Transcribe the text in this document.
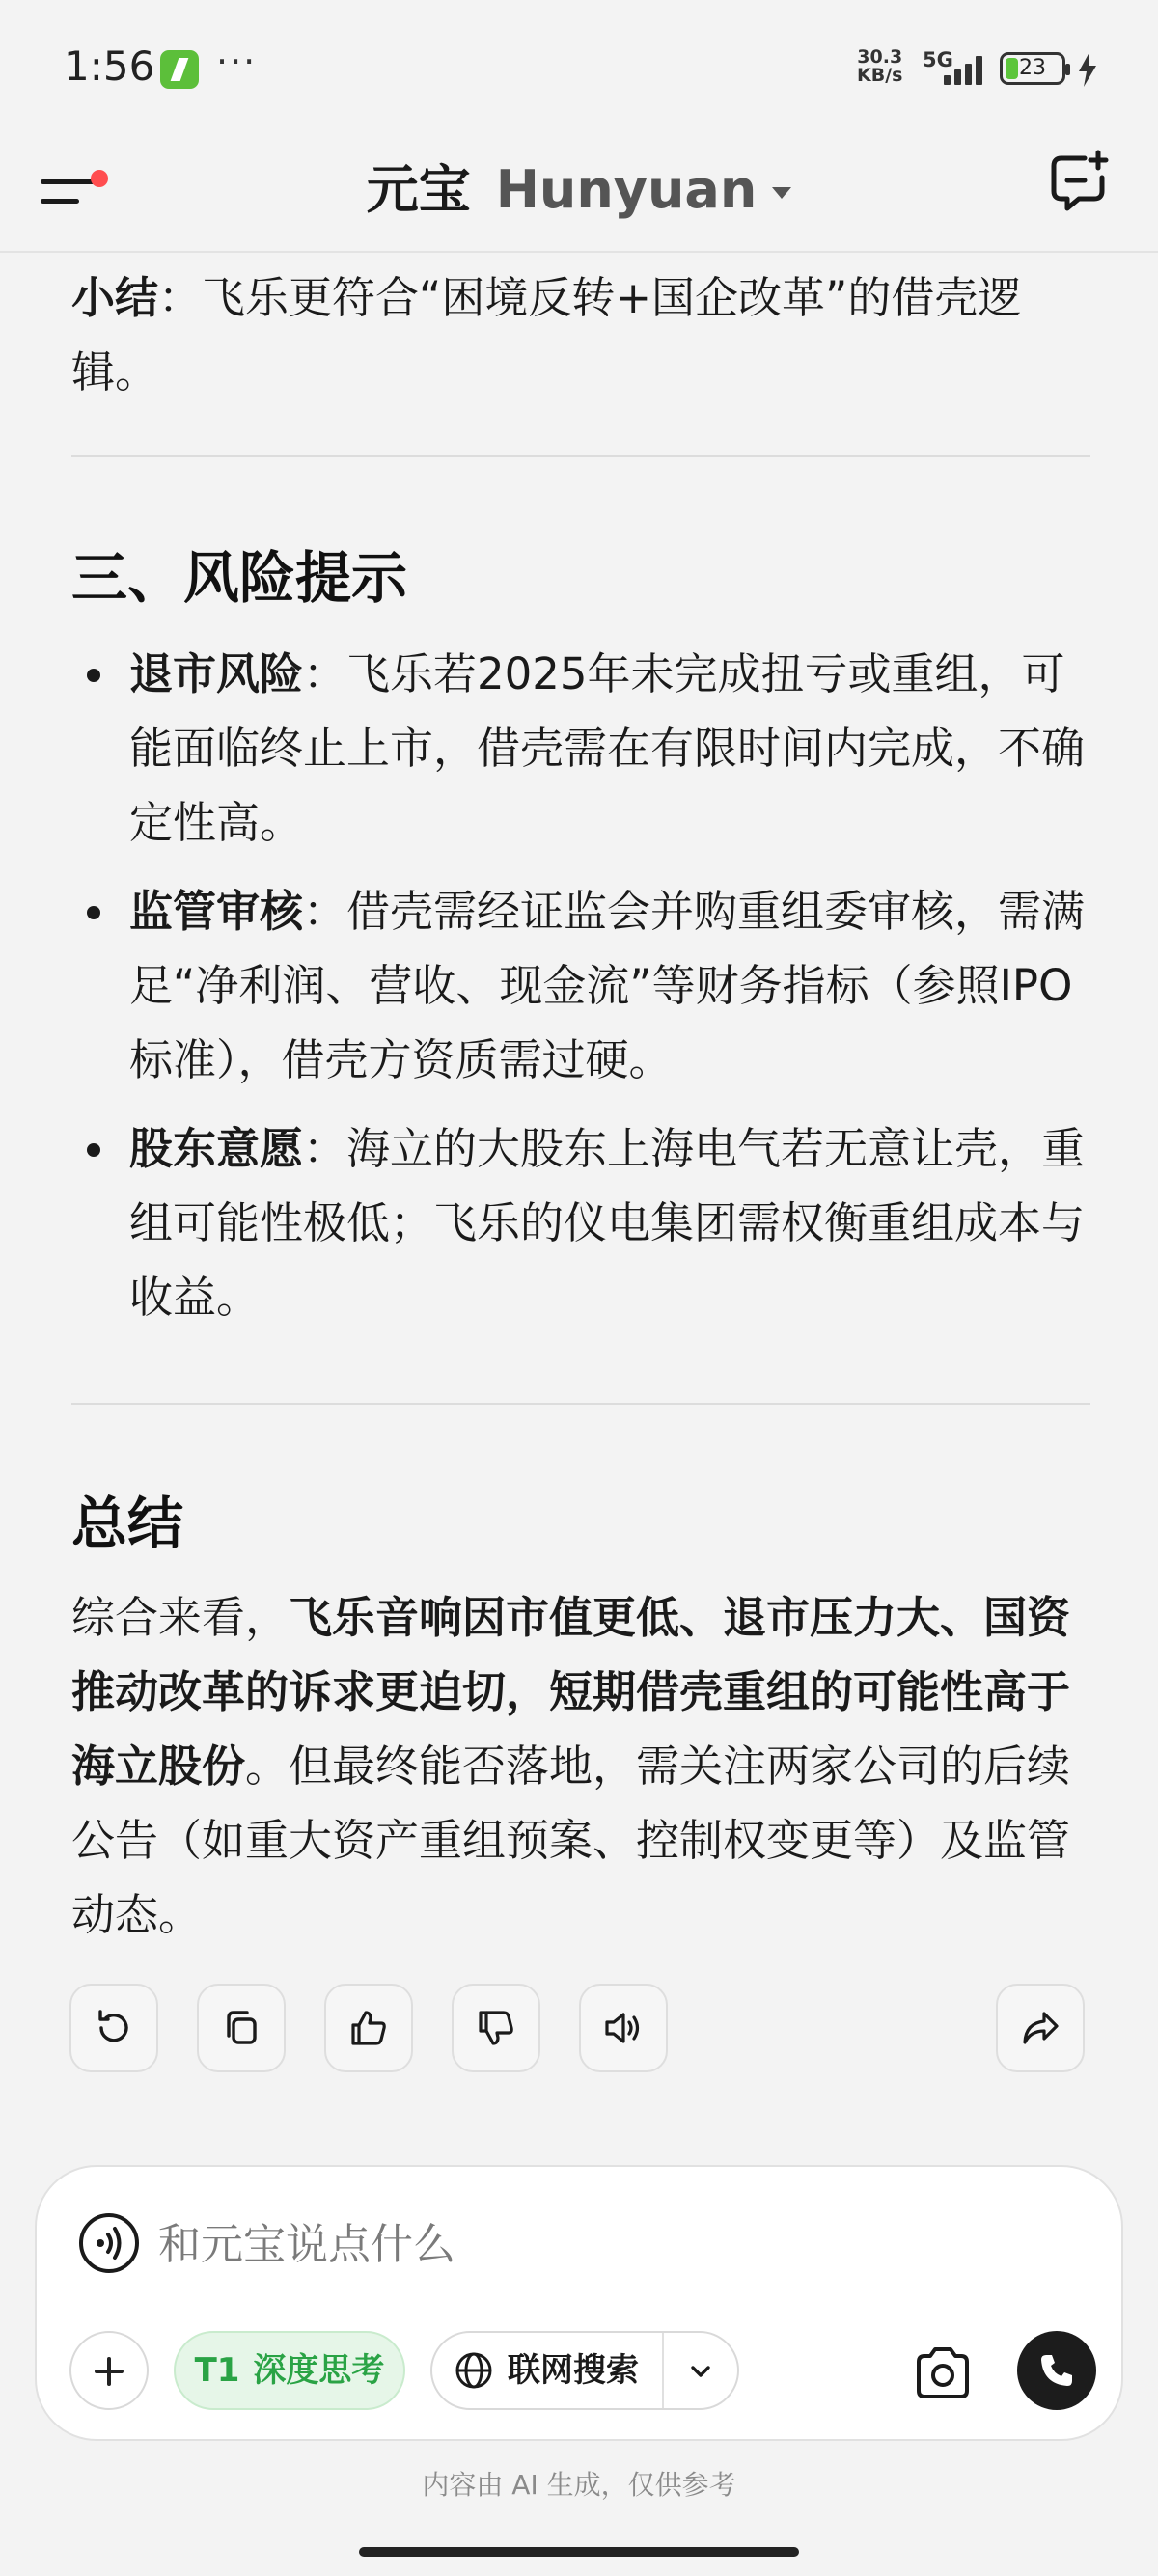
1:56 ···	30.3
KB/s
5G	23
元宝 Hunyuan
小结：飞乐更符合“困境反转+国企改革”的借壳逻辑。
三、风险提示
退市风险：飞乐若2025年未完成扭亏或重组，可能面临终止上市，借壳需在有限时间内完成，不确定性高。
监管审核：借壳需经证监会并购重组委审核，需满足“净利润、营收、现金流”等财务指标（参照IPO标准），借壳方资质需过硬。
股东意愿：海立的大股东上海电气若无意让壳，重组可能性极低；飞乐的仪电集团需权衡重组成本与收益。
总结
综合来看，飞乐音响因市值更低、退市压力大、国资推动改革的诉求更迫切，短期借壳重组的可能性高于海立股份。但最终能否落地，需关注两家公司的后续公告（如重大资产重组预案、控制权变更等）及监管动态。
和元宝说点什么
T1 深度思考	联网搜索
内容由 AI 生成，仅供参考
